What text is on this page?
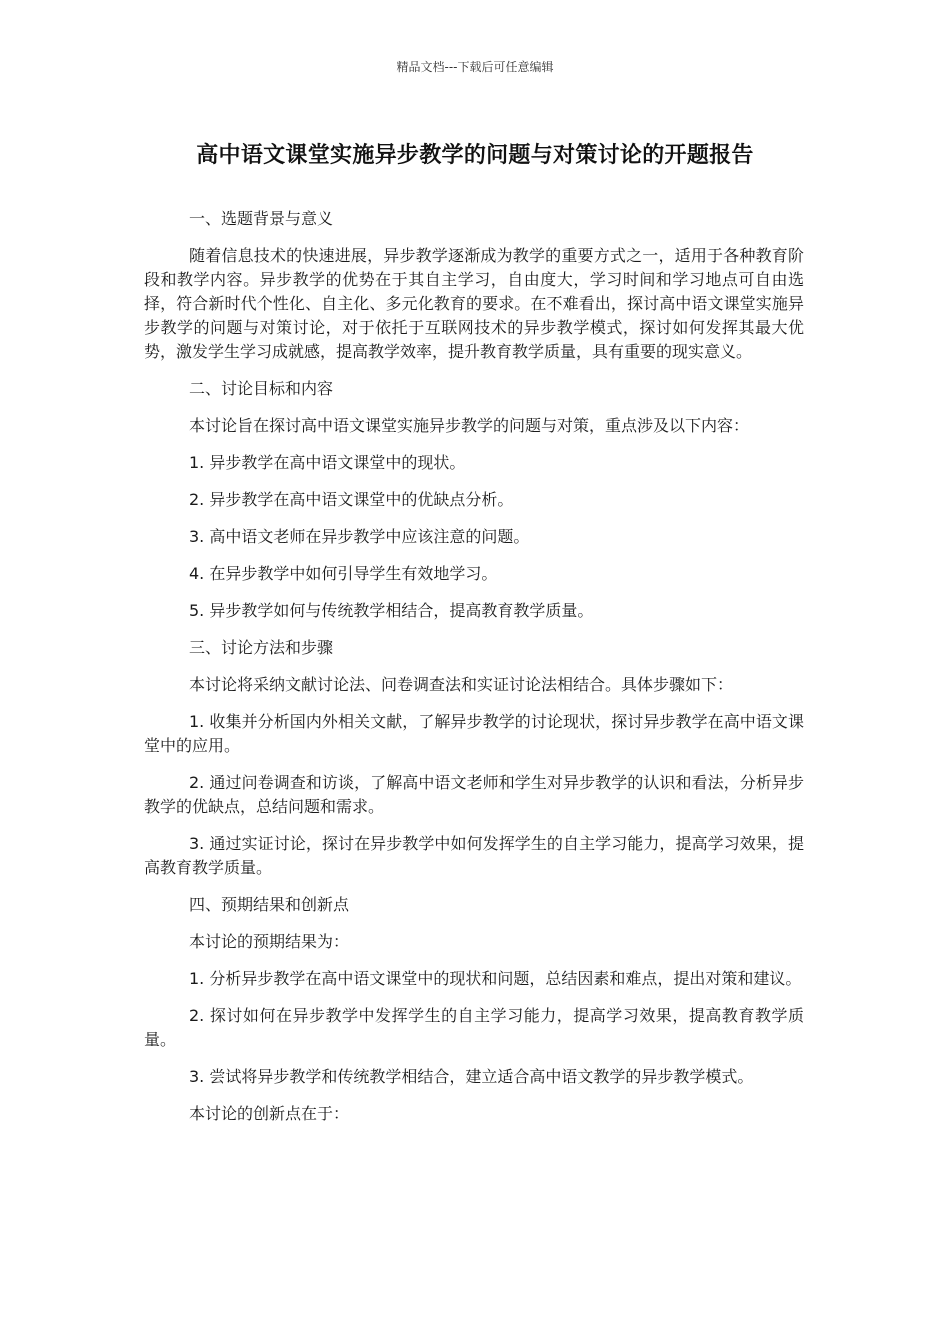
精品文档---下载后可任意编辑
高中语文课堂实施异步教学的问题与对策讨论的开题报告

一、选题背景与意义

随着信息技术的快速进展，异步教学逐渐成为教学的重要方式之一，适用于各种教育阶段和教学内容。异步教学的优势在于其自主学习，自由度大，学习时间和学习地点可自由选择，符合新时代个性化、自主化、多元化教育的要求。在不难看出，探讨高中语文课堂实施异步教学的问题与对策讨论，对于依托于互联网技术的异步教学模式，探讨如何发挥其最大优势，激发学生学习成就感，提高教学效率，提升教育教学质量，具有重要的现实意义。

二、讨论目标和内容

本讨论旨在探讨高中语文课堂实施异步教学的问题与对策，重点涉及以下内容：

1. 异步教学在高中语文课堂中的现状。

2. 异步教学在高中语文课堂中的优缺点分析。

3. 高中语文老师在异步教学中应该注意的问题。

4. 在异步教学中如何引导学生有效地学习。

5. 异步教学如何与传统教学相结合，提高教育教学质量。

三、讨论方法和步骤

本讨论将采纳文献讨论法、问卷调查法和实证讨论法相结合。具体步骤如下：

1. 收集并分析国内外相关文献，了解异步教学的讨论现状，探讨异步教学在高中语文课堂中的应用。

2. 通过问卷调查和访谈，了解高中语文老师和学生对异步教学的认识和看法，分析异步教学的优缺点，总结问题和需求。

3. 通过实证讨论，探讨在异步教学中如何发挥学生的自主学习能力，提高学习效果，提高教育教学质量。

四、预期结果和创新点

本讨论的预期结果为：

1. 分析异步教学在高中语文课堂中的现状和问题，总结因素和难点，提出对策和建议。

2. 探讨如何在异步教学中发挥学生的自主学习能力，提高学习效果，提高教育教学质量。

3. 尝试将异步教学和传统教学相结合，建立适合高中语文教学的异步教学模式。

本讨论的创新点在于：
